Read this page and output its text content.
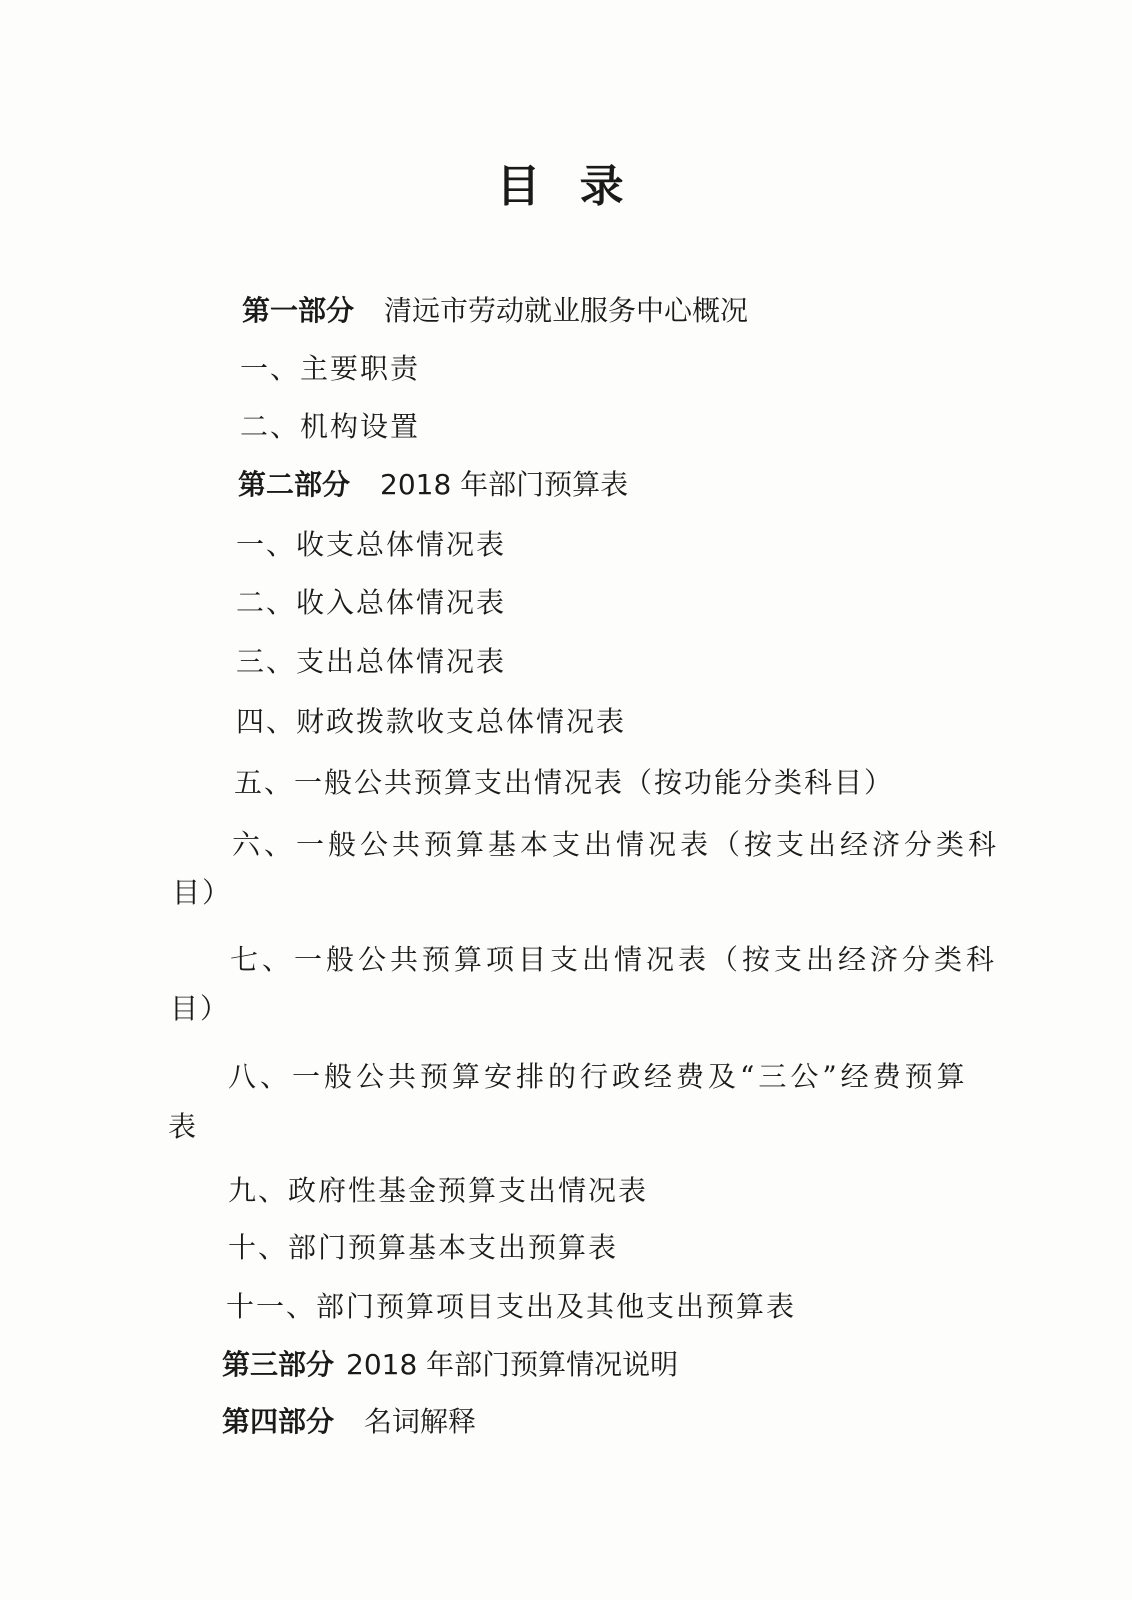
目 录
第一部分 清远市劳动就业服务中心概况
一、主要职责
二、机构设置
第二部分 2018 年部门预算表
一、收支总体情况表
二、收入总体情况表
三、支出总体情况表
四、财政拨款收支总体情况表
五、一般公共预算支出情况表（按功能分类科目）
六、一般公共预算基本支出情况表（按支出经济分类科
目）
七、一般公共预算项目支出情况表（按支出经济分类科
目）
八、一般公共预算安排的行政经费及“三公”经费预算
表
九、政府性基金预算支出情况表
十、部门预算基本支出预算表
十一、部门预算项目支出及其他支出预算表
第三部分 2018 年部门预算情况说明
第四部分 名词解释
